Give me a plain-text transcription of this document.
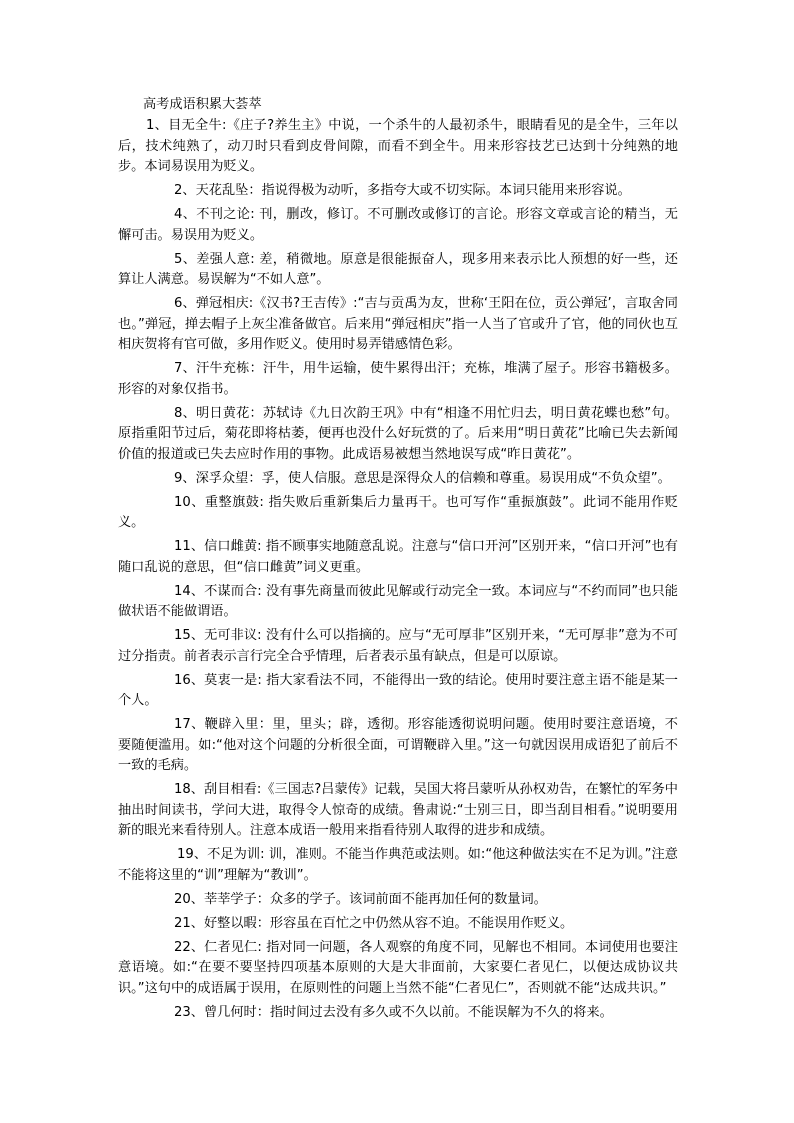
高考成语积累大荟萃
1、目无全牛:《庄子?养生主》中说，一个杀牛的人最初杀牛，眼睛看见的是全牛，三年以后，技术纯熟了，动刀时只看到皮骨间隙，而看不到全牛。用来形容技艺已达到十分纯熟的地步。本词易误用为贬义。
2、天花乱坠：指说得极为动听，多指夸大或不切实际。本词只能用来形容说。
4、不刊之论: 刊，删改，修订。不可删改或修订的言论。形容文章或言论的精当，无懈可击。易误用为贬义。
5、差强人意: 差，稍微地。原意是很能振奋人，现多用来表示比人预想的好一些，还算让人满意。易误解为“不如人意”。
6、弹冠相庆:《汉书?王吉传》:“吉与贡禹为友，世称‘王阳在位，贡公弹冠’，言取舍同也。”弹冠，掸去帽子上灰尘准备做官。后来用“弹冠相庆”指一人当了官或升了官，他的同伙也互相庆贺将有官可做，多用作贬义。使用时易弄错感情色彩。
7、汗牛充栋：汗牛，用牛运输，使牛累得出汗；充栋，堆满了屋子。形容书籍极多。形容的对象仅指书。
8、明日黄花：苏轼诗《九日次韵王巩》中有“相逢不用忙归去，明日黄花蝶也愁”句。原指重阳节过后，菊花即将枯萎，便再也没什么好玩赏的了。后来用“明日黄花”比喻已失去新闻价值的报道或已失去应时作用的事物。此成语易被想当然地误写成“昨日黄花”。
9、深孚众望：孚，使人信服。意思是深得众人的信赖和尊重。易误用成“不负众望”。
10、重整旗鼓: 指失败后重新集后力量再干。也可写作“重振旗鼓”。此词不能用作贬义。
11、信口雌黄: 指不顾事实地随意乱说。注意与“信口开河”区别开来，“信口开河”也有随口乱说的意思，但“信口雌黄”词义更重。
14、不谋而合: 没有事先商量而彼此见解或行动完全一致。本词应与“不约而同”也只能做状语不能做谓语。
15、无可非议: 没有什么可以指摘的。应与“无可厚非”区别开来，“无可厚非”意为不可过分指责。前者表示言行完全合乎情理，后者表示虽有缺点，但是可以原谅。
16、莫衷一是: 指大家看法不同，不能得出一致的结论。使用时要注意主语不能是某一个人。
17、鞭辟入里：里，里头；辟，透彻。形容能透彻说明问题。使用时要注意语境，不要随便滥用。如:“他对这个问题的分析很全面，可谓鞭辟入里。”这一句就因误用成语犯了前后不一致的毛病。
18、刮目相看:《三国志?吕蒙传》记载，吴国大将吕蒙听从孙权劝告，在繁忙的军务中抽出时间读书，学问大进，取得令人惊奇的成绩。鲁肃说:“士别三日，即当刮目相看。”说明要用新的眼光来看待别人。注意本成语一般用来指看待别人取得的进步和成绩。
19、不足为训: 训，准则。不能当作典范或法则。如:“他这种做法实在不足为训。”注意不能将这里的“训”理解为“教训”。
20、莘莘学子：众多的学子。该词前面不能再加任何的数量词。
21、好整以暇：形容虽在百忙之中仍然从容不迫。不能误用作贬义。
22、仁者见仁: 指对同一问题，各人观察的角度不同，见解也不相同。本词使用也要注意语境。如:“在要不要坚持四项基本原则的大是大非面前，大家要仁者见仁，以便达成协议共识。”这句中的成语属于误用，在原则性的问题上当然不能“仁者见仁”，否则就不能“达成共识。”
23、曾几何时：指时间过去没有多久或不久以前。不能误解为不久的将来。
